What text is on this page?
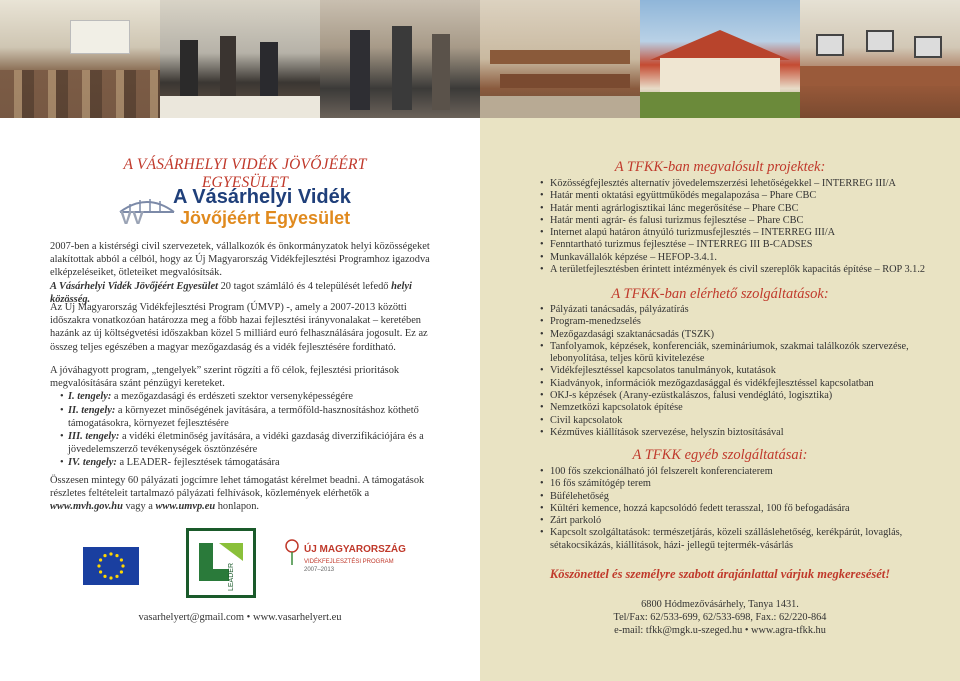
A VÁSÁRHELYI VIDÉK JÖVŐJÉÉRT EGYESÜLET
VV
A Vásárhelyi Vidék
Jövőjéért Egyesület

2007-ben a kistérségi civil szervezetek, vállalkozók és önkormányzatok helyi közösségeket alakítottak abból a célból, hogy az Új Magyarország Vidékfejlesztési Programhoz igazodva elképzeléseiket, ötleteiket megvalósítsák.

A Vásárhelyi Vidék Jövőjéért Egyesület 20 tagot számláló és 4 települését lefedő helyi közösség.

Az Új Magyarország Vidékfejlesztési Program (ÚMVP) -, amely a 2007-2013 közötti időszakra vonatkozóan határozza meg a főbb hazai fejlesztési irányvonalakat – keretében hazánk az új költségvetési időszakban közel 5 milliárd euró felhasználására jogosult. Ez az összeg teljes egészében a magyar mezőgazdaság és a vidék fejlesztésére fordítható.

A jóváhagyott program, „tengelyek” szerint rögzíti a fő célok, fejlesztési prioritások megvalósítására szánt pénzügyi kereteket.

• I. tengely: a mezőgazdasági és erdészeti szektor versenyképességére
• II. tengely: a környezet minőségének javítására, a termőföld-hasznosításhoz köthető támogatásokra, környezet fejlesztésére
• III. tengely: a vidéki életminőség javítására, a vidéki gazdaság diverzifikációjára és a jövedelemszerző tevékenységek ösztönzésére
• IV. tengely: a LEADER- fejlesztések támogatására
Összesen mintegy 60 pályázati jogcímre lehet támogatást kérelmet beadni. A támogatások részletes feltételeit tartalmazó pályázati felhívások, közlemények elérhetők a www.mvh.gov.hu vagy a www.umvp.eu honlapon.
LEADER
ÚJ MAGYARORSZÁG
VIDÉKFEJLESZTÉSI PROGRAM
2007–2013
vasarhelyert@gmail.com • www.vasarhelyert.eu
A TFKK-ban megvalósult projektek:
• Közösségfejlesztés alternatív jövedelemszerzési lehetőségekkel – INTERREG III/A
• Határ menti oktatási együttműködés megalapozása – Phare CBC
• Határ menti agrárlogisztikai lánc megerősítése – Phare CBC
• Határ menti agrár- és falusi turizmus fejlesztése – Phare CBC
• Internet alapú határon átnyúló turizmusfejlesztés – INTERREG III/A
• Fenntartható turizmus fejlesztése – INTERREG III B-CADSES
• Munkavállalók képzése – HEFOP-3.4.1.
• A területfejlesztésben érintett intézmények és civil szereplők kapacitás építése – ROP 3.1.2
A TFKK-ban elérhető szolgáltatások:
• Pályázati tanácsadás, pályázatírás
• Program-menedzselés
• Mezőgazdasági szaktanácsadás (TSZK)
• Tanfolyamok, képzések, konferenciák, szemináriumok, szakmai találkozók szervezése, lebonyolítása, teljes körű kivitelezése
• Vidékfejlesztéssel kapcsolatos tanulmányok, kutatások
• Kiadványok, információk mezőgazdasággal és vidékfejlesztéssel kapcsolatban
• OKJ-s képzések (Arany-ezüstkalászos, falusi vendéglátó, logisztika)
• Nemzetközi kapcsolatok építése
• Civil kapcsolatok
• Kézműves kiállítások szervezése, helyszín biztosításával
A TFKK egyéb szolgáltatásai:
• 100 fős szekcionálható jól felszerelt konferenciaterem
• 16 fős számítógép terem
• Büfélehetőség
• Kültéri kemence, hozzá kapcsolódó fedett terasszal, 100 fő befogadására
• Zárt parkoló
• Kapcsolt szolgáltatások: természetjárás, közeli szálláslehetőség, kerékpárút, lovaglás, sétakocsikázás, kiállítások, házi- jellegű tejtermék-vásárlás
Köszönettel és személyre szabott árajánlattal várjuk megkeresését!
6800 Hódmezővásárhely, Tanya 1431.
Tel/Fax: 62/533-699, 62/533-698, Fax.: 62/220-864
e-mail: tfkk@mgk.u-szeged.hu • www.agra-tfkk.hu
